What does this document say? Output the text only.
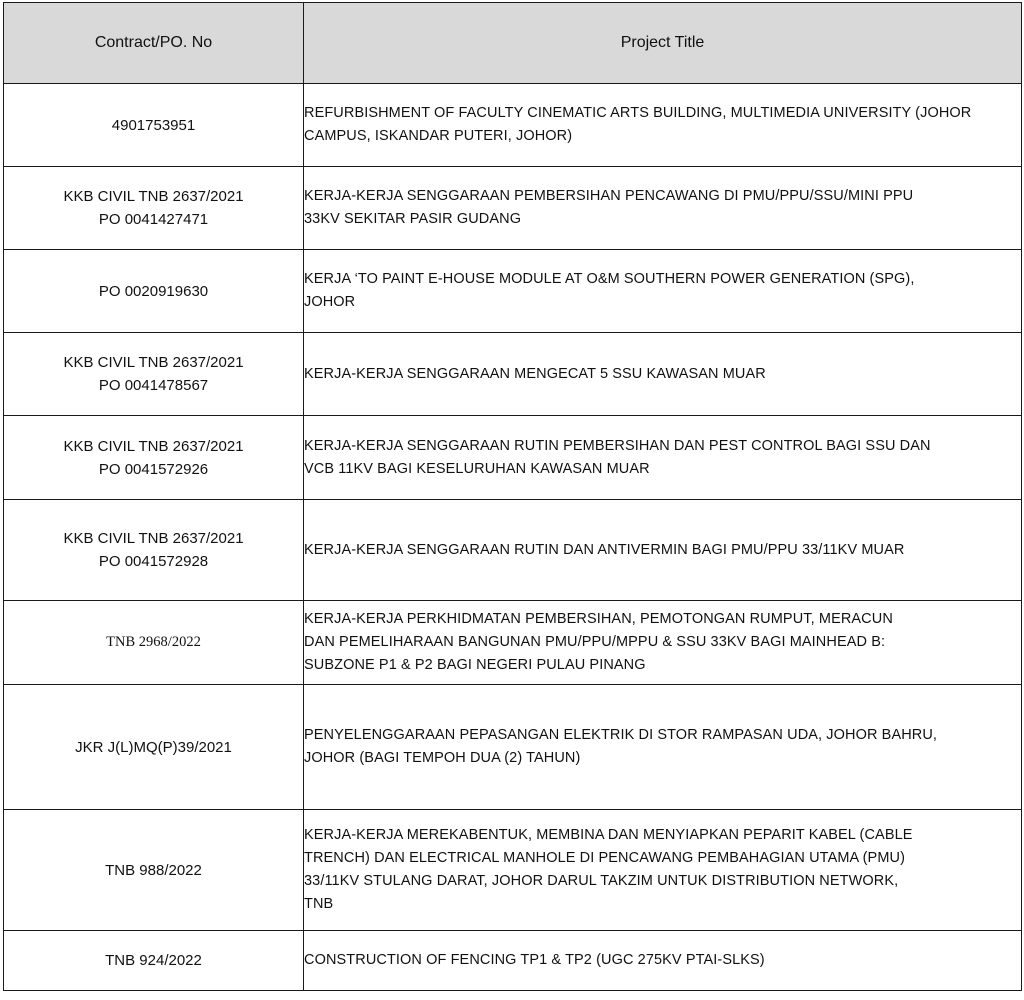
Contract/PO. No	Project Title

4901753951	REFURBISHMENT OF FACULTY CINEMATIC ARTS BUILDING, MULTIMEDIA UNIVERSITY (JOHOR
CAMPUS, ISKANDAR PUTERI, JOHOR)

KKB CIVIL TNB 2637/2021
PO 0041427471	KERJA-KERJA SENGGARAAN PEMBERSIHAN PENCAWANG DI PMU/PPU/SSU/MINI PPU
33KV SEKITAR PASIR GUDANG

PO 0020919630	KERJA ‘TO PAINT E-HOUSE MODULE AT O&M SOUTHERN POWER GENERATION (SPG),
JOHOR

KKB CIVIL TNB 2637/2021
PO 0041478567	KERJA-KERJA SENGGARAAN MENGECAT 5 SSU KAWASAN MUAR

KKB CIVIL TNB 2637/2021
PO 0041572926	KERJA-KERJA SENGGARAAN RUTIN PEMBERSIHAN DAN PEST CONTROL BAGI SSU DAN
VCB 11KV BAGI KESELURUHAN KAWASAN MUAR

KKB CIVIL TNB 2637/2021
PO 0041572928	KERJA-KERJA SENGGARAAN RUTIN DAN ANTIVERMIN BAGI PMU/PPU 33/11KV MUAR

TNB 2968/2022	KERJA-KERJA PERKHIDMATAN PEMBERSIHAN, PEMOTONGAN RUMPUT, MERACUN
DAN PEMELIHARAAN BANGUNAN PMU/PPU/MPPU & SSU 33KV BAGI MAINHEAD B:
SUBZONE P1 & P2 BAGI NEGERI PULAU PINANG

JKR J(L)MQ(P)39/2021	PENYELENGGARAAN PEPASANGAN ELEKTRIK DI STOR RAMPASAN UDA, JOHOR BAHRU,
JOHOR (BAGI TEMPOH DUA (2) TAHUN)

TNB 988/2022	KERJA-KERJA MEREKABENTUK, MEMBINA DAN MENYIAPKAN PEPARIT KABEL (CABLE
TRENCH) DAN ELECTRICAL MANHOLE DI PENCAWANG PEMBAHAGIAN UTAMA (PMU)
33/11KV STULANG DARAT, JOHOR DARUL TAKZIM UNTUK DISTRIBUTION NETWORK,
TNB

TNB 924/2022	CONSTRUCTION OF FENCING TP1 & TP2 (UGC 275KV PTAI-SLKS)
